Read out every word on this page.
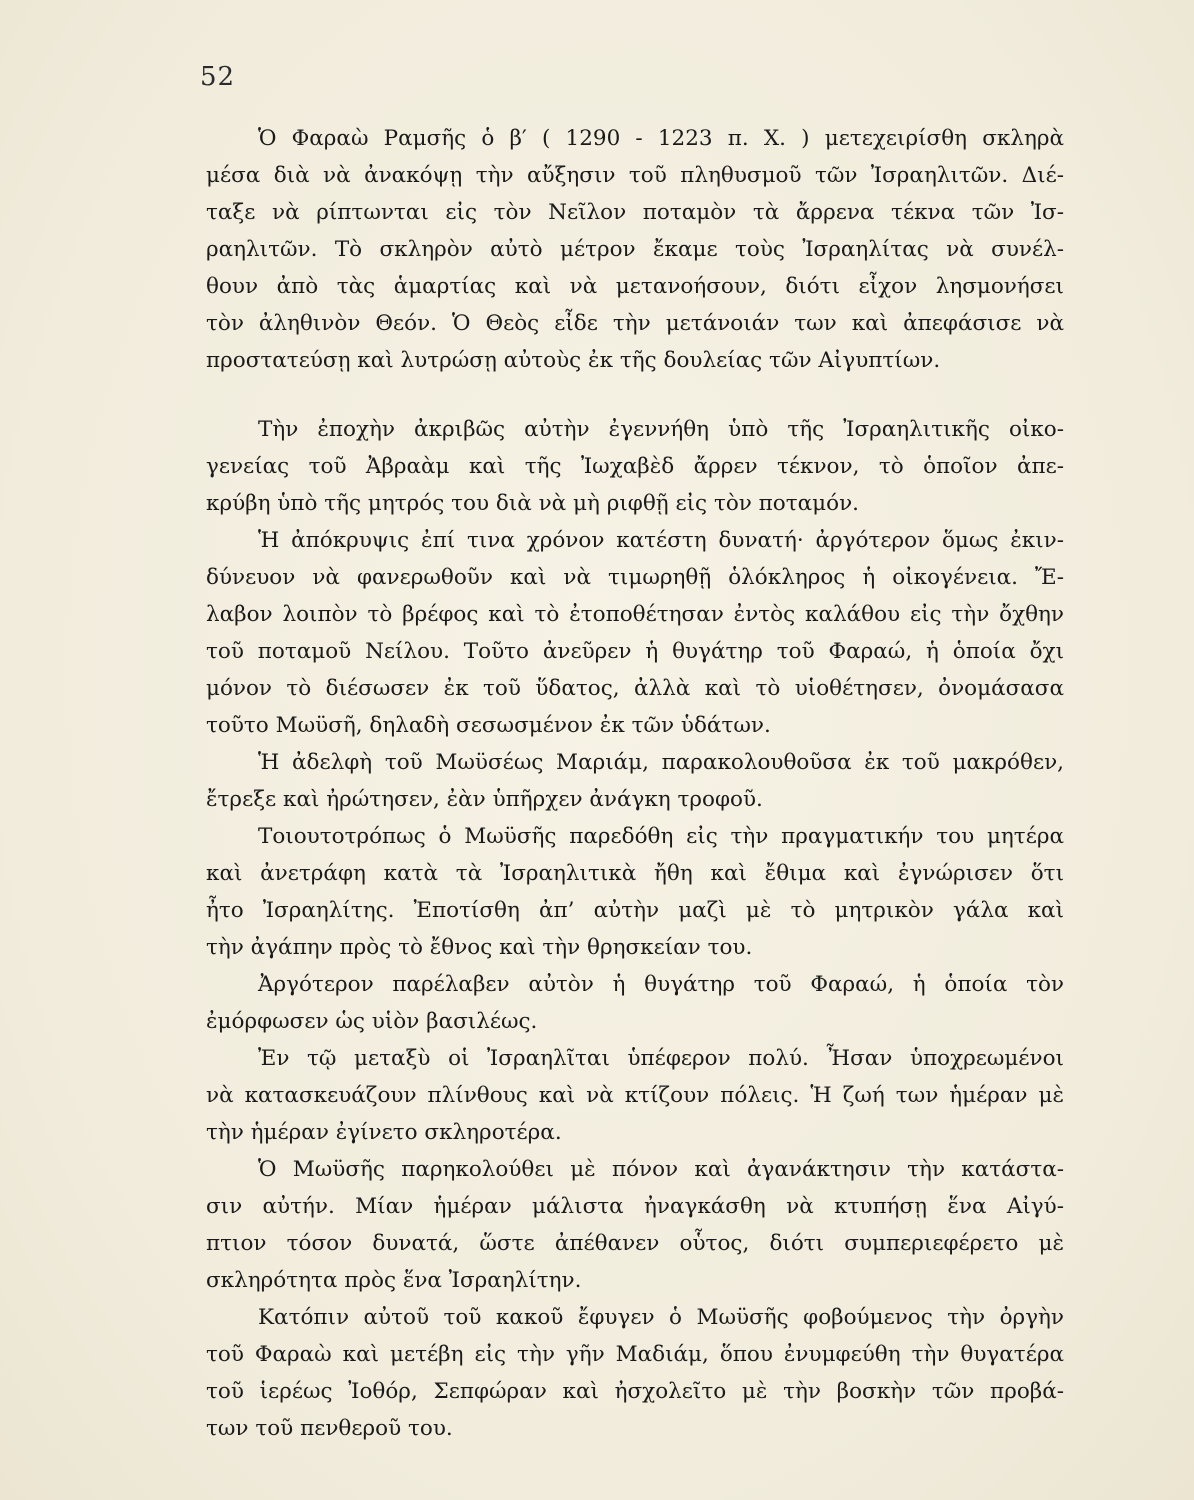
52
Ὁ Φαραὼ Ραμσῆς ὁ β′ ( 1290 - 1223 π. Χ. ) μετεχειρίσθη σκληρὰ
μέσα διὰ νὰ ἀνακόψῃ τὴν αὔξησιν τοῦ πληθυσμοῦ τῶν Ἰσραηλιτῶν. Διέ-
ταξε νὰ ρίπτωνται εἰς τὸν Νεῖλον ποταμὸν τὰ ἄρρενα τέκνα τῶν Ἰσ-
ραηλιτῶν. Τὸ σκληρὸν αὐτὸ μέτρον ἔκαμε τοὺς Ἰσραηλίτας νὰ συνέλ-
θουν ἀπὸ τὰς ἁμαρτίας καὶ νὰ μετανοήσουν, διότι εἶχον λησμονήσει
τὸν ἀληθινὸν Θεόν. Ὁ Θεὸς εἶδε τὴν μετάνοιάν των καὶ ἀπεφάσισε νὰ
προστατεύσῃ καὶ λυτρώσῃ αὐτοὺς ἐκ τῆς δουλείας τῶν Αἰγυπτίων.
Τὴν ἐποχὴν ἀκριβῶς αὐτὴν ἐγεννήθη ὑπὸ τῆς Ἰσραηλιτικῆς οἰκο-
γενείας τοῦ Ἀβραὰμ καὶ τῆς Ἰωχαβὲδ ἄρρεν τέκνον, τὸ ὁποῖον ἀπε-
κρύβη ὑπὸ τῆς μητρός του διὰ νὰ μὴ ριφθῇ εἰς τὸν ποταμόν.
Ἡ ἀπόκρυψις ἐπί τινα χρόνον κατέστη δυνατή· ἀργότερον ὅμως ἐκιν-
δύνευον νὰ φανερωθοῦν καὶ νὰ τιμωρηθῇ ὁλόκληρος ἡ οἰκογένεια. Ἔ-
λαβον λοιπὸν τὸ βρέφος καὶ τὸ ἐτοποθέτησαν ἐντὸς καλάθου εἰς τὴν ὄχθην
τοῦ ποταμοῦ Νείλου. Τοῦτο ἀνεῦρεν ἡ θυγάτηρ τοῦ Φαραώ, ἡ ὁποία ὄχι
μόνον τὸ διέσωσεν ἐκ τοῦ ὕδατος, ἀλλὰ καὶ τὸ υἱοθέτησεν, ὀνομάσασα
τοῦτο Μωϋσῆ, δηλαδὴ σεσωσμένον ἐκ τῶν ὑδάτων.
Ἡ ἀδελφὴ τοῦ Μωϋσέως Μαριάμ, παρακολουθοῦσα ἐκ τοῦ μακρόθεν,
ἔτρεξε καὶ ἠρώτησεν, ἐὰν ὑπῆρχεν ἀνάγκη τροφοῦ.
Τοιουτοτρόπως ὁ Μωϋσῆς παρεδόθη εἰς τὴν πραγματικήν του μητέρα
καὶ ἀνετράφη κατὰ τὰ Ἰσραηλιτικὰ ἤθη καὶ ἔθιμα καὶ ἐγνώρισεν ὅτι
ἦτο Ἰσραηλίτης. Ἐποτίσθη ἀπ’ αὐτὴν μαζὶ μὲ τὸ μητρικὸν γάλα καὶ
τὴν ἀγάπην πρὸς τὸ ἔθνος καὶ τὴν θρησκείαν του.
Ἀργότερον παρέλαβεν αὐτὸν ἡ θυγάτηρ τοῦ Φαραώ, ἡ ὁποία τὸν
ἐμόρφωσεν ὡς υἱὸν βασιλέως.
Ἐν τῷ μεταξὺ οἱ Ἰσραηλῖται ὑπέφερον πολύ. Ἦσαν ὑποχρεωμένοι
νὰ κατασκευάζουν πλίνθους καὶ νὰ κτίζουν πόλεις. Ἡ ζωή των ἡμέραν μὲ
τὴν ἡμέραν ἐγίνετο σκληροτέρα.
Ὁ Μωϋσῆς παρηκολούθει μὲ πόνον καὶ ἀγανάκτησιν τὴν κατάστα-
σιν αὐτήν. Μίαν ἡμέραν μάλιστα ἠναγκάσθη νὰ κτυπήσῃ ἕνα Αἰγύ-
πτιον τόσον δυνατά, ὥστε ἀπέθανεν οὗτος, διότι συμπεριεφέρετο μὲ
σκληρότητα πρὸς ἕνα Ἰσραηλίτην.
Κατόπιν αὐτοῦ τοῦ κακοῦ ἔφυγεν ὁ Μωϋσῆς φοβούμενος τὴν ὀργὴν
τοῦ Φαραὼ καὶ μετέβη εἰς τὴν γῆν Μαδιάμ, ὅπου ἐνυμφεύθη τὴν θυγατέρα
τοῦ ἱερέως Ἰοθόρ, Σεπφώραν καὶ ἠσχολεῖτο μὲ τὴν βοσκὴν τῶν προβά-
των τοῦ πενθεροῦ του.
